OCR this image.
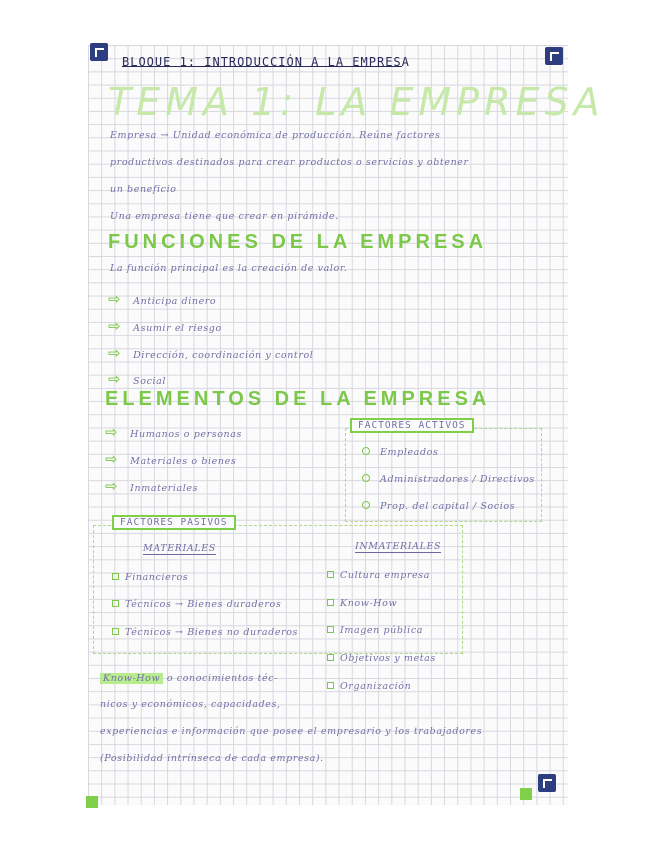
BLOQUE 1: INTRODUCCIÓN A LA EMPRESA
TEMA 1: LA EMPRESA
Empresa → Unidad económica de producción. Reúne factores
productivos destinados para crear productos o servicios y obtener
un beneficio
Una empresa tiene que crear en pirámide.
FUNCIONES DE LA EMPRESA
La función principal es la creación de valor.
⇨ Anticipa dinero
⇨ Asumir el riesgo
⇨ Dirección, coordinación y control
⇨ Social
ELEMENTOS DE LA EMPRESA
⇨ Humanos o personas
⇨ Materiales o bienes
⇨ Inmateriales
FACTORES ACTIVOS
Empleados
Administradores / Directivos
Prop. del capital / Socios
FACTORES PASIVOS
MATERIALES
Financieros
Técnicos → Bienes duraderos
Técnicos → Bienes no duraderos
INMATERIALES
Cultura empresa
Know-How
Imagen pública
Objetivos y metas
Organización
Know-How o conocimientos téc-
nicos y económicos, capacidades,
experiencias e información que posee el empresario y los trabajadores
(Posibilidad intrínseca de cada empresa).
